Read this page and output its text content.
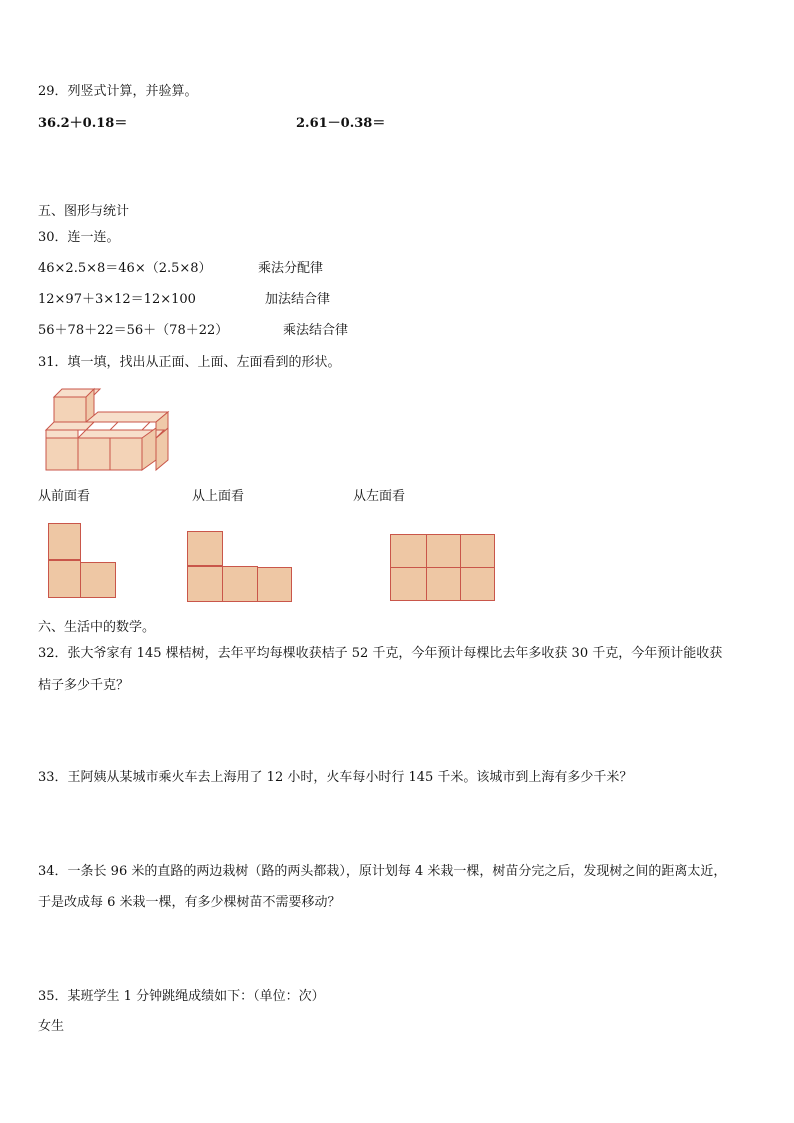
29．列竖式计算，并验算。
36.2＋0.18＝	2.61－0.38＝
五、图形与统计
30．连一连。
46×2.5×8＝46×（2.5×8）	乘法分配律
12×97＋3×12＝12×100	加法结合律
56＋78＋22＝56＋（78＋22）	乘法结合律
31．填一填，找出从正面、上面、左面看到的形状。
从前面看	从上面看	从左面看
六、生活中的数学。
32．张大爷家有 145 棵桔树，去年平均每棵收获桔子 52 千克，今年预计每棵比去年多收获 30 千克，今年预计能收获
桔子多少千克？
33．王阿姨从某城市乘火车去上海用了 12 小时，火车每小时行 145 千米。该城市到上海有多少千米？
34．一条长 96 米的直路的两边栽树（路的两头都栽），原计划每 4 米栽一棵，树苗分完之后，发现树之间的距离太近，
于是改成每 6 米栽一棵，有多少棵树苗不需要移动？
35．某班学生 1 分钟跳绳成绩如下：（单位：次）
女生
